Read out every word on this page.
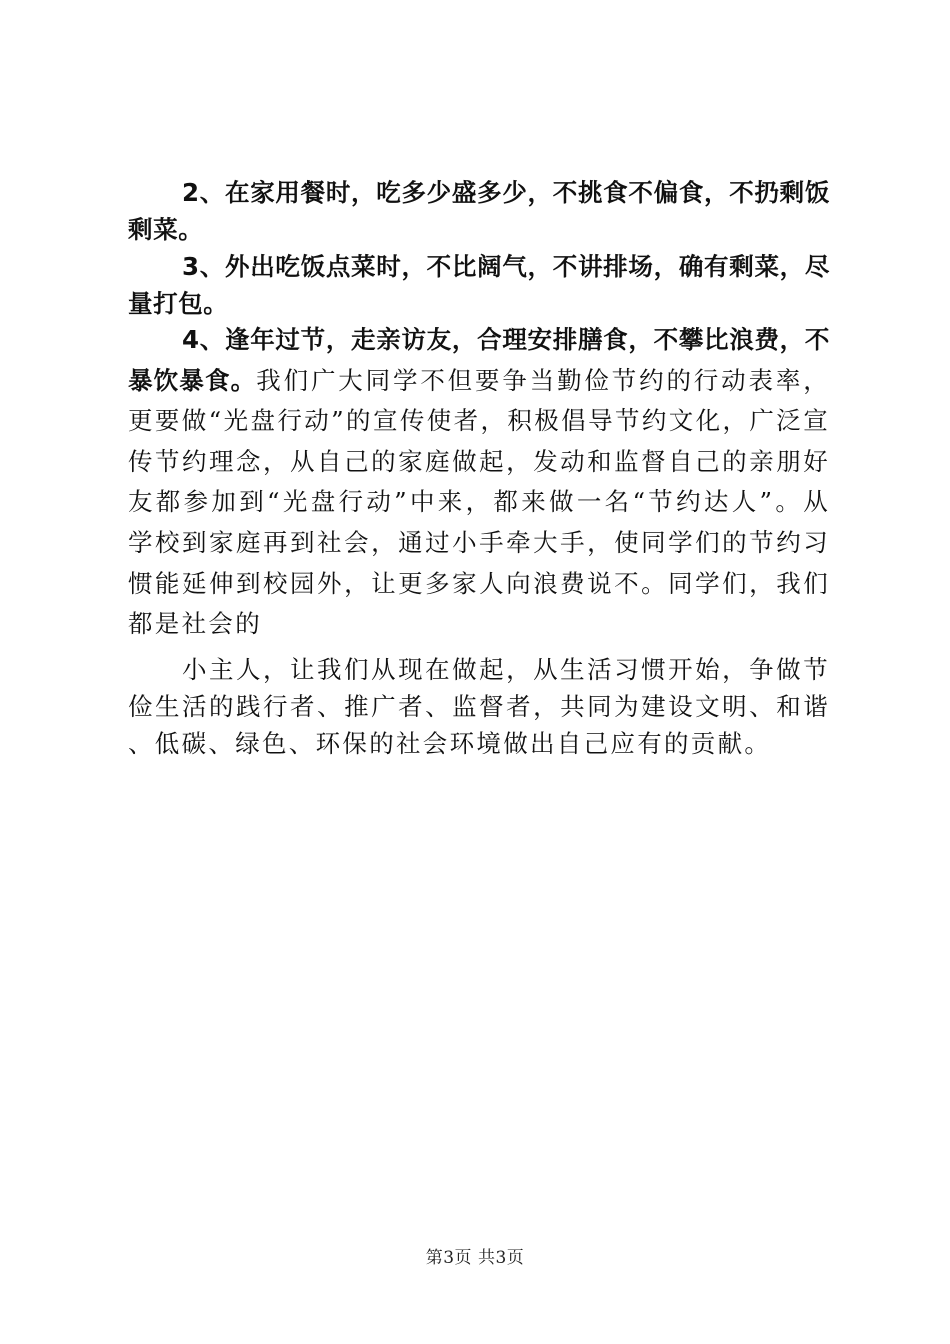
2、在家用餐时，吃多少盛多少，不挑食不偏食，不扔剩饭剩菜。

3、外出吃饭点菜时，不比阔气，不讲排场，确有剩菜，尽量打包。

4、逢年过节，走亲访友，合理安排膳食，不攀比浪费，不暴饮暴食。我们广大同学不但要争当勤俭节约的行动表率，更要做“光盘行动”的宣传使者，积极倡导节约文化，广泛宣传节约理念，从自己的家庭做起，发动和监督自己的亲朋好友都参加到“光盘行动”中来，都来做一名“节约达人”。从学校到家庭再到社会，通过小手牵大手，使同学们的节约习惯能延伸到校园外，让更多家人向浪费说不。同学们，我们都是社会的

小主人，让我们从现在做起，从生活习惯开始，争做节俭生活的践行者、推广者、监督者，共同为建设文明、和谐、低碳、绿色、环保的社会环境做出自己应有的贡献。

第3页 共3页
